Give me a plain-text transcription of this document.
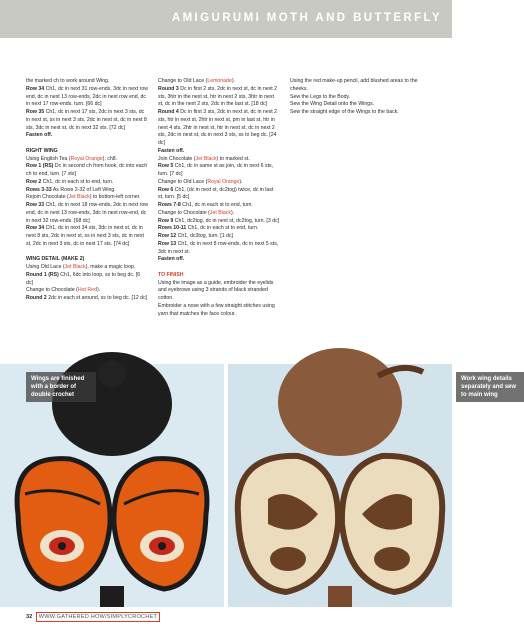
AMIGURUMI MOTH AND BUTTERFLY

the marked ch to work around Wing.

Row 34 Ch1, dc in next 31 row-ends, 3dc in next row end, dc in next 13 row-ends, 2dc in next row end, dc in next 17 row-ends, turn. [66 dc]

Row 35 Ch1, dc in next 17 sts, 2dc in next 3 sts, dc in next st, ss in next 3 sts, 2dc in next st, dc in next 8 sts, 3dc in next st, dc in next 32 sts. [72 dc]

Fasten off.

RIGHT WING

Using English Tea (Royal Orange), ch8.

Row 1 (RS) Dc in second ch from hook, dc into each ch to end, turn. [7 sts]

Row 2 Ch1, dc in each st to end, turn.

Rows 3-33 As Rows 2-32 of Left Wing.

Rejoin Chocolate (Jet Black) to bottom-left corner.

Row 33 Ch1, dc in next 18 row-ends, 2dc in next row end, dc in next 13 row-ends, 3dc in next row-end, dc in next 32 row-ends. [68 dc]

Row 34 Ch1, dc in next 34 sts, 3dc in next st, dc in next 8 sts, 2dc in next st, ss in next 3 sts, dc in next st, 2dc in next 3 sts, dc in next 17 sts. [74 dc]

WING DETAIL (MAKE 2)

Using Old Lace (Jet Black), make a magic loop.

Round 1 (RS) Ch1, 6dc into loop, ss to beg dc. [6 dc]

Change to Chocolate (Hot Red).

Round 2 2dc in each st around, ss to beg dc. [12 dc]

Change to Old Lace (Lemonade).

Round 3 Dc in first 2 sts, 2dc in next st, dc in next 2 sts, 3htr in the next st, htr in next 2 sts, 3htr in next st, dc in the next 2 sts, 2dc in the last st. [18 dc]

Round 4 Dc in first 3 sts, 2dc in next st, dc in next 2 sts, htr in next st, 2htr in next st, pm in last st, htr in next 4 sts, 2htr in next st, htr in next st, dc in next 2 sts, 2dc in next st, dc in next 3 sts, ss to beg dc. [24 dc]

Fasten off.

Join Chocolate (Jet Black) to marked st.

Row 5 Ch1, dc in same st as join, dc in next 6 sts, turn. [7 dc]

Change to Old Lace (Royal Orange).

Row 6 Ch1, (dc in next st, dc2tog) twice, dc in last st, turn. [5 dc]

Rows 7-8 Ch1, dc in each st to end, turn.

Change to Chocolate (Jet Black).

Row 9 Ch1, dc2tog, dc in next st, dc2tog, turn. [3 dc]

Rows 10-11 Ch1, dc in each st to end, turn.

Row 12 Ch1, dc3tog, turn. [1 dc]

Row 13 Ch1, dc in next 8 row-ends, dc in next 5 sts, 3dc in next st.

Fasten off.

TO FINISH

Using the image as a guide, embroider the eyelids and eyebrows using 3 strands of black stranded cotton.

Embroider a nose with a few straight stitches using yarn that matches the face colour.

Using the red make-up pencil, add blushed areas to the cheeks.

Sew the Legs to the Body.

Sew the Wing Detail onto the Wings.

Sew the straight edge of the Wings to the back.

Wings are finished with a border of double crochet
Work wing details separately and sew to main wing
32 WWW.GATHERED.HOW/SIMPLYCROCHET
